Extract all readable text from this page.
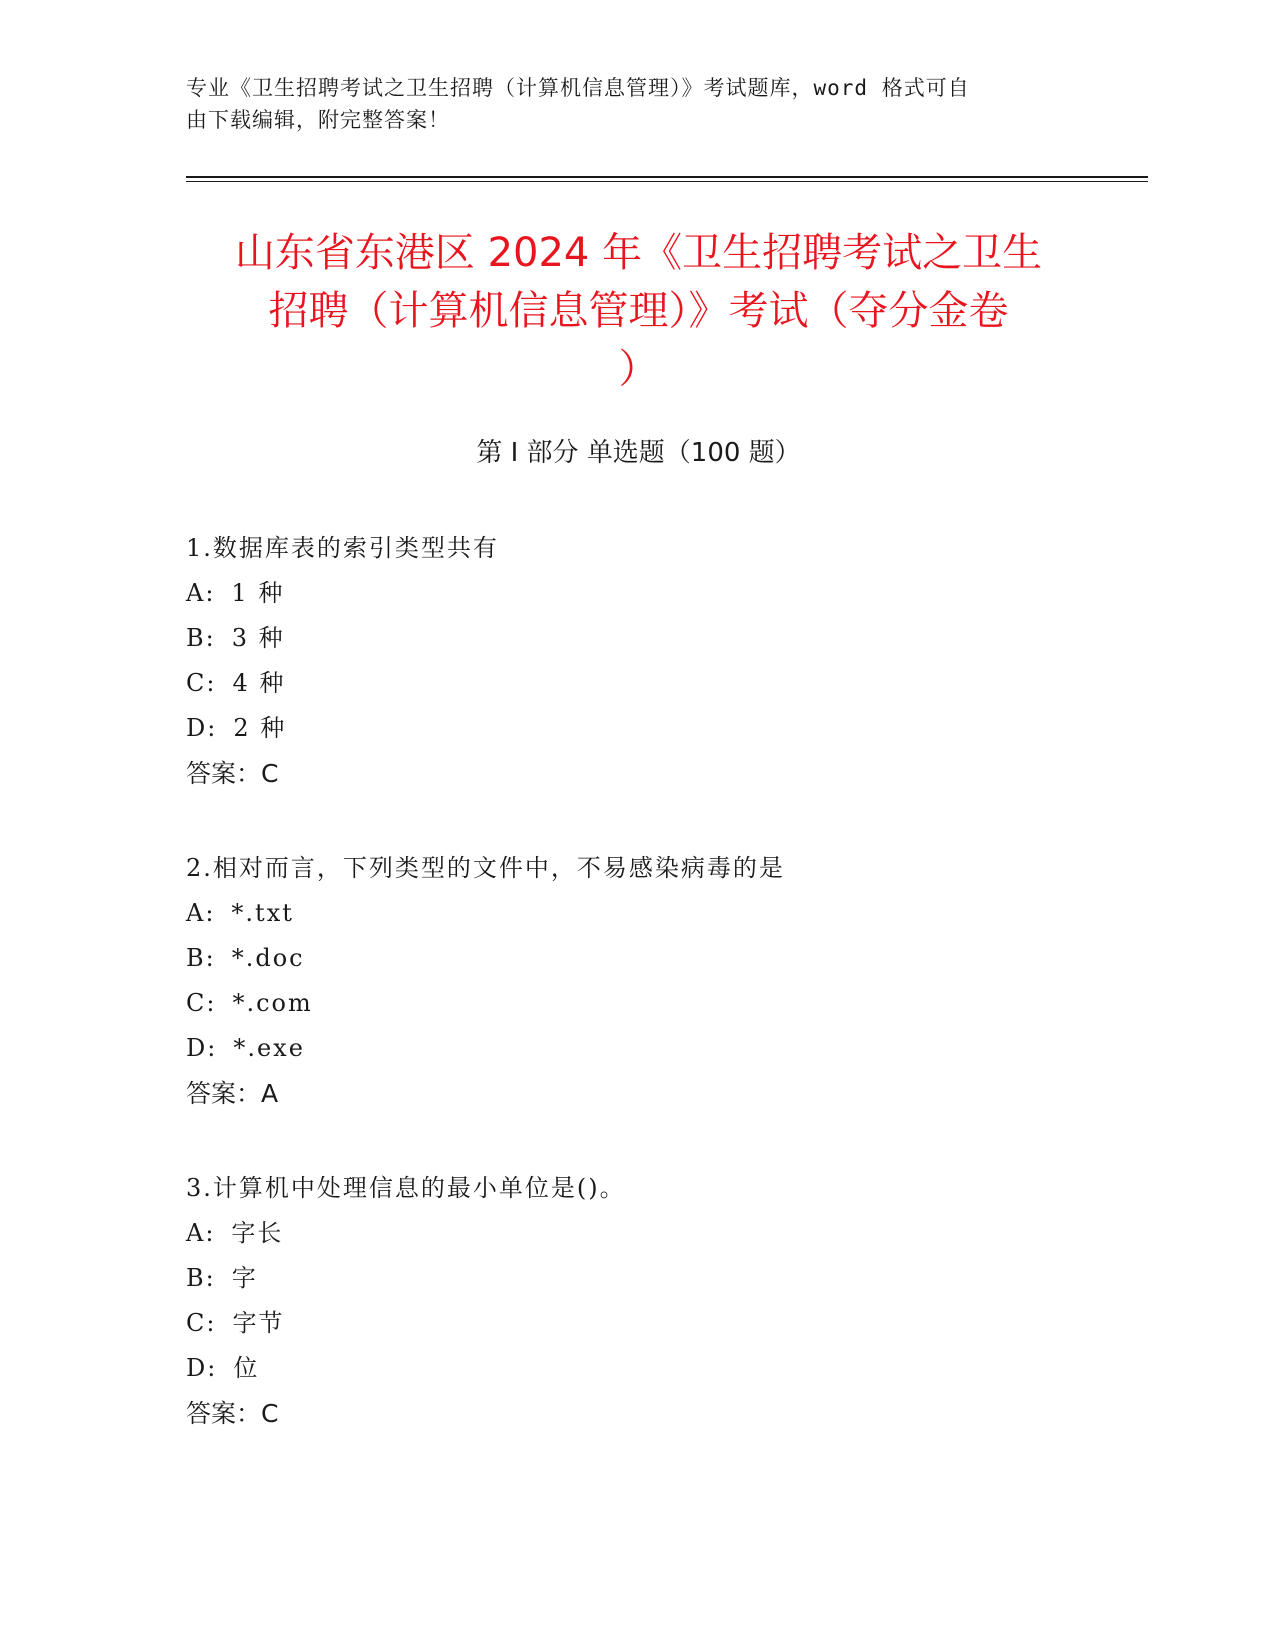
专业《卫生招聘考试之卫生招聘（计算机信息管理）》考试题库，word 格式可自
由下载编辑，附完整答案！
山东省东港区 2024 年《卫生招聘考试之卫生
招聘（计算机信息管理）》考试（夺分金卷
）
第 I 部分 单选题（100 题）
1.数据库表的索引类型共有
A: 1 种
B: 3 种
C: 4 种
D: 2 种
答案：C
2.相对而言，下列类型的文件中，不易感染病毒的是
A: *.txt
B: *.doc
C: *.com
D: *.exe
答案：A
3.计算机中处理信息的最小单位是()。
A: 字长
B: 字
C: 字节
D: 位
答案：C
